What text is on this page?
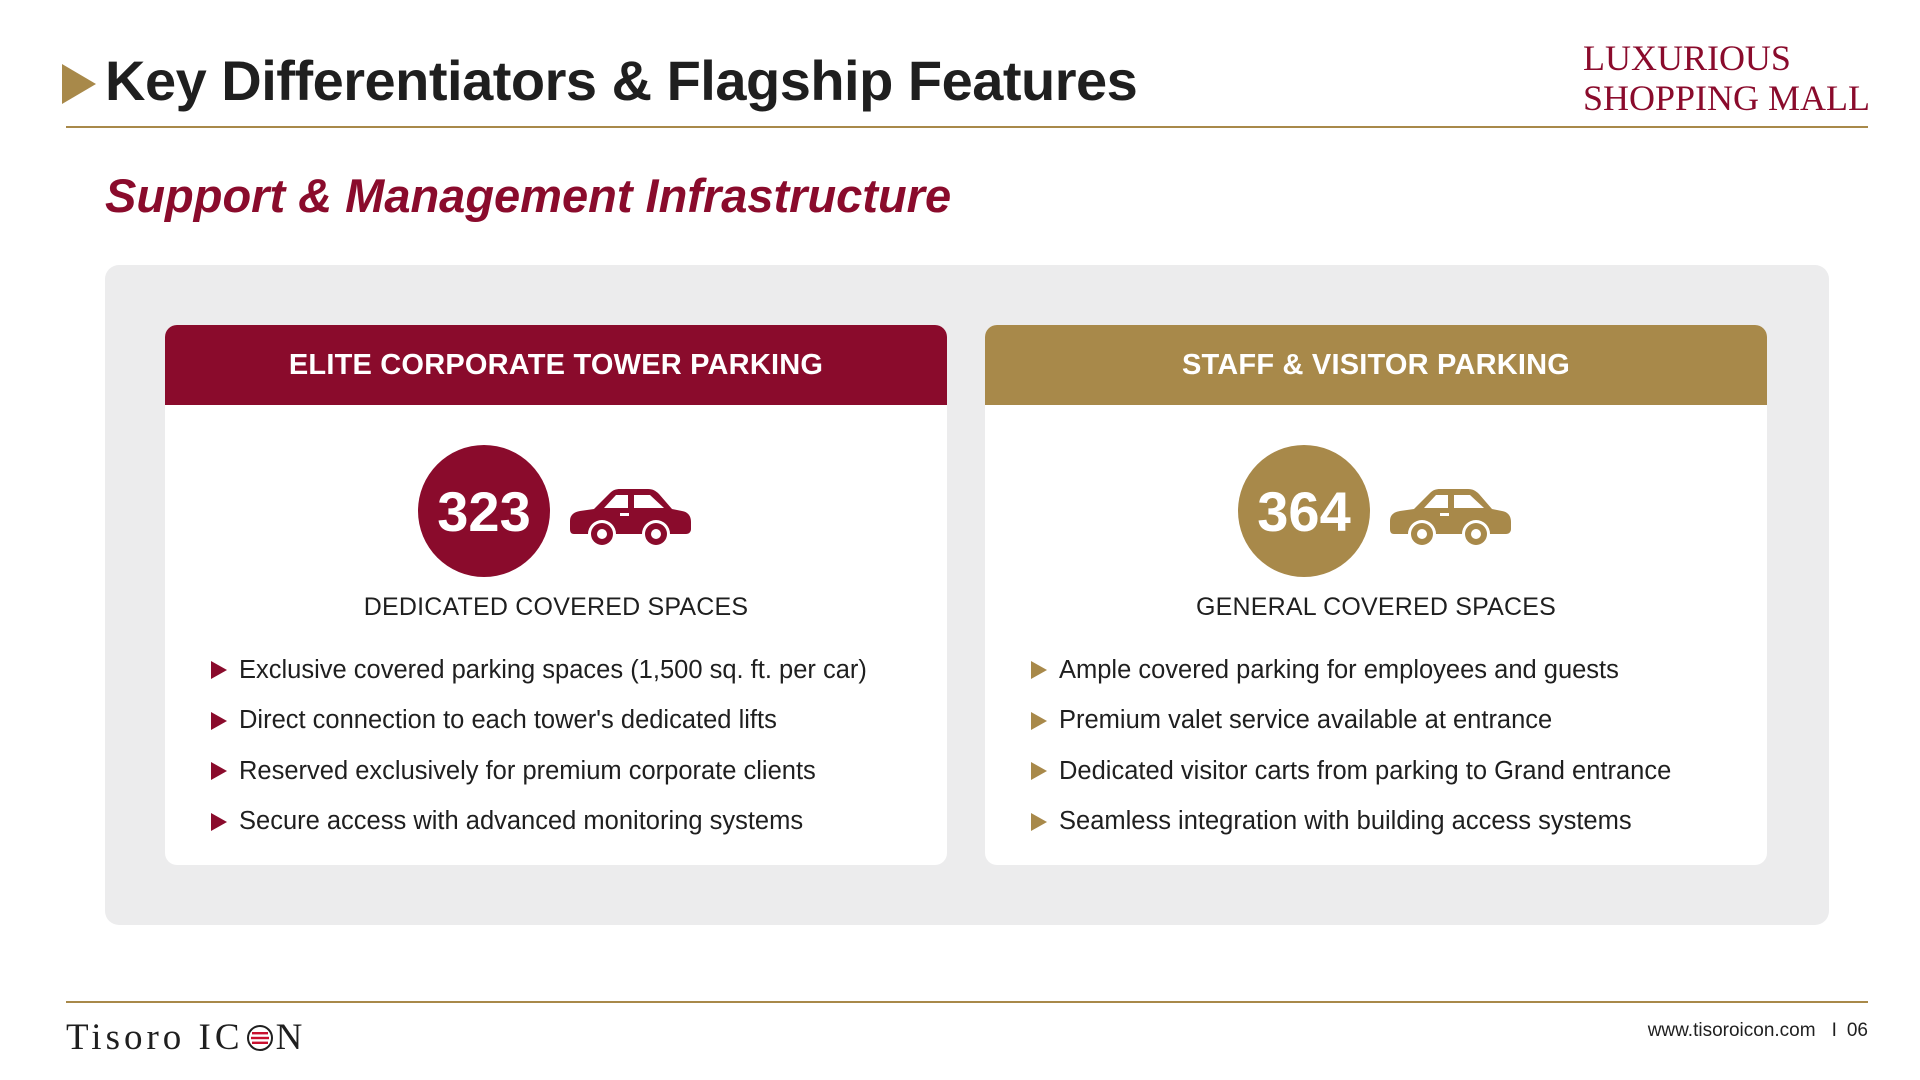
Key Differentiators & Flagship Features	LUXURIOUS
SHOPPING MALL
Support & Management Infrastructure
ELITE CORPORATE TOWER PARKING
323
DEDICATED COVERED SPACES
Exclusive covered parking spaces (1,500 sq. ft. per car)
Direct connection to each tower's dedicated lifts
Reserved exclusively for premium corporate clients
Secure access with advanced monitoring systems
STAFF & VISITOR PARKING
364
GENERAL COVERED SPACES
Ample covered parking for employees and guests
Premium valet service available at entrance
Dedicated visitor carts from parking to Grand entrance
Seamless integration with building access systems
Tisoro IC N	www.tisoroicon.com I 06
